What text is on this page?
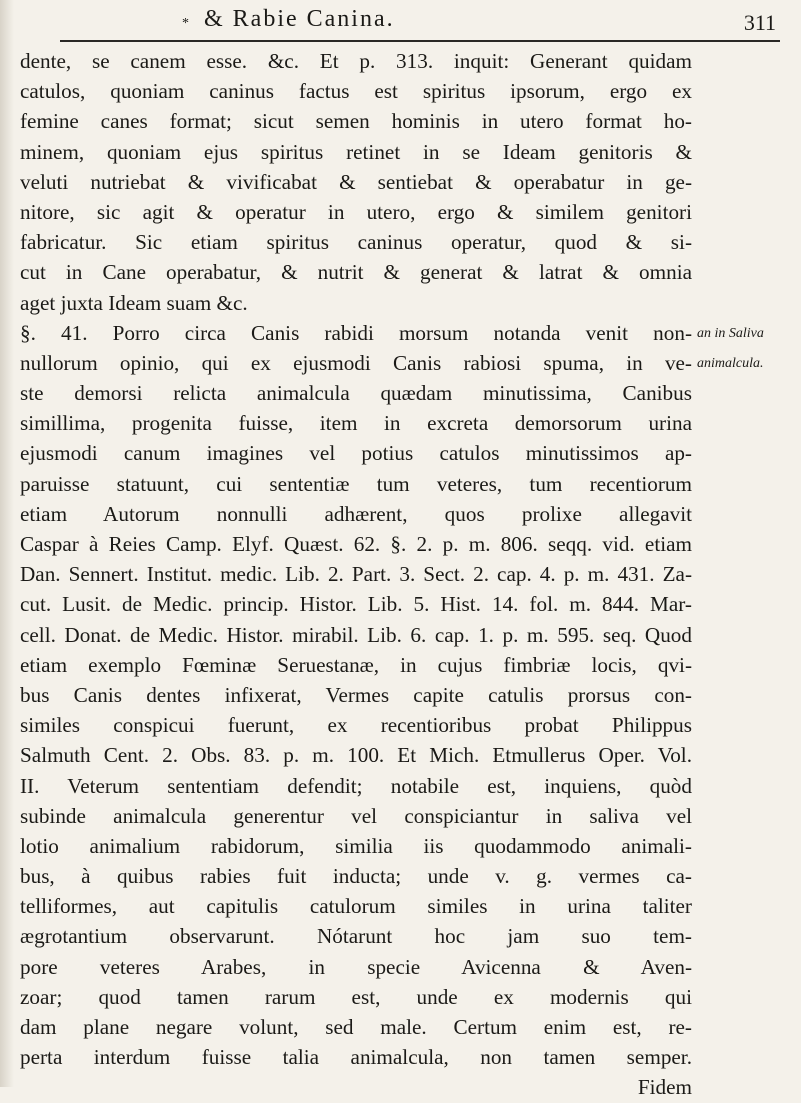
* & Rabie Canina.	311
dente, se canem esse. &c. Et p. 313. inquit: Generant quidam
catulos, quoniam caninus factus est spiritus ipsorum, ergo ex
femine canes format; sicut semen hominis in utero format ho-
minem, quoniam ejus spiritus retinet in se Ideam genitoris &
veluti nutriebat & vivificabat & sentiebat & operabatur in ge-
nitore, sic agit & operatur in utero, ergo & similem genitori
fabricatur. Sic etiam spiritus caninus operatur, quod & si-
cut in Cane operabatur, & nutrit & generat & latrat & omnia
aget juxta Ideam suam &c.
§. 41. Porro circa Canis rabidi morsum notanda venit non-
nullorum opinio, qui ex ejusmodi Canis rabiosi spuma, in ve-
ste demorsi relicta animalcula quædam minutissima, Canibus
simillima, progenita fuisse, item in excreta demorsorum urina
ejusmodi canum imagines vel potius catulos minutissimos ap-
paruisse statuunt, cui sententiæ tum veteres, tum recentiorum
etiam Autorum nonnulli adhærent, quos prolixe allegavit
Caspar à Reies Camp. Elyf. Quæst. 62. §. 2. p. m. 806. seqq. vid. etiam
Dan. Sennert. Institut. medic. Lib. 2. Part. 3. Sect. 2. cap. 4. p. m. 431. Za-
cut. Lusit. de Medic. princip. Histor. Lib. 5. Hist. 14. fol. m. 844. Mar-
cell. Donat. de Medic. Histor. mirabil. Lib. 6. cap. 1. p. m. 595. seq. Quod
etiam exemplo Fœminæ Seruestanæ, in cujus fimbriæ locis, qvi-
bus Canis dentes infixerat, Vermes capite catulis prorsus con-
similes conspicui fuerunt, ex recentioribus probat Philippus
Salmuth Cent. 2. Obs. 83. p. m. 100. Et Mich. Etmullerus Oper. Vol.
II. Veterum sententiam defendit; notabile est, inquiens, quòd
subinde animalcula generentur vel conspiciantur in saliva vel
lotio animalium rabidorum, similia iis quodammodo animali-
bus, à quibus rabies fuit inducta; unde v. g. vermes ca-
telliformes, aut capitulis catulorum similes in urina taliter
ægrotantium observarunt. Nótarunt hoc jam suo tem-
pore veteres Arabes, in specie Avicenna & Aven-
zoar; quod tamen rarum est, unde ex modernis qui
dam plane negare volunt, sed male. Certum enim est, re-
perta interdum fuisse talia animalcula, non tamen semper.
Fidem
an in Saliva
animalcula.
